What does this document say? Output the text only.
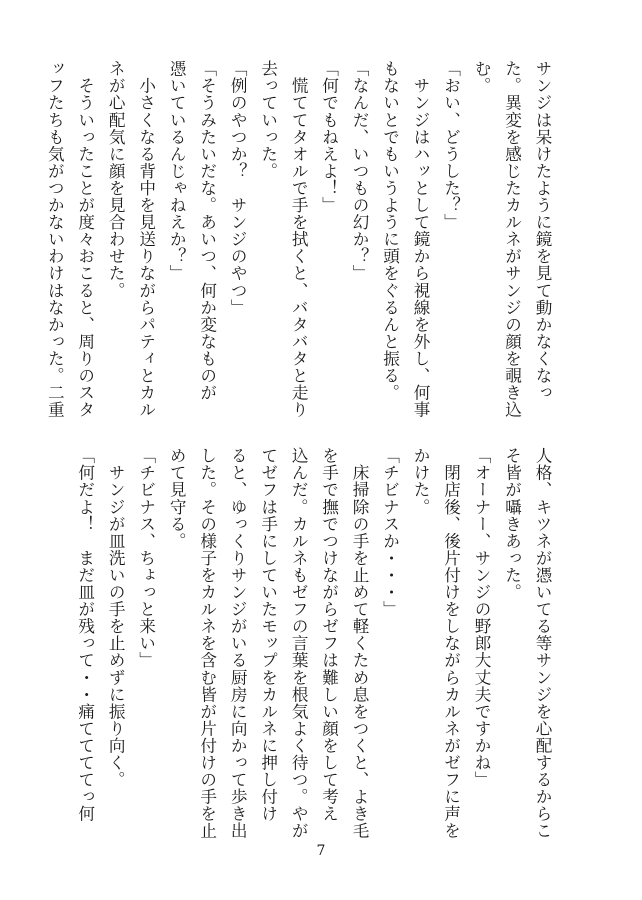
サンジは呆けたように鏡を見て動かなくなっ
た。異変を感じたカルネがサンジの顔を覗き込
む。
「おい、どうした？」
　サンジはハッとして鏡から視線を外し、何事
もないとでもいうように頭をぐるんと振る。
「なんだ、いつもの幻か？」
「何でもねえよ！」
　慌ててタオルで手を拭くと、バタバタと走り
去っていった。
「例のやつか？　サンジのやつ」
「そうみたいだな。あいつ、何か変なものが
憑いているんじゃねえか？」
　小さくなる背中を見送りながらパティとカル
ネが心配気に顔を見合わせた。
　そういったことが度々おこると、周りのスタ
ッフたちも気がつかないわけはなかった。二重
人格、キツネが憑いてる等サンジを心配するからこ
そ皆が囁きあった。
「オーナー、サンジの野郎大丈夫ですかね」
　閉店後、後片付けをしながらカルネがゼフに声を
かけた。
「チビナスか・・・」
　床掃除の手を止めて軽くため息をつくと、よき毛
を手で撫でつけながらゼフは難しい顔をして考え
込んだ。カルネもゼフの言葉を根気よく待つ。やが
てゼフは手にしていたモップをカルネに押し付け
ると、ゆっくりサンジがいる厨房に向かって歩き出
した。その様子をカルネを含む皆が片付けの手を止
めて見守る。
「チビナス、ちょっと来い」
　サンジが皿洗いの手を止めずに振り向く。
「何だよ！　まだ皿が残って・・痛ててててっ何
7
